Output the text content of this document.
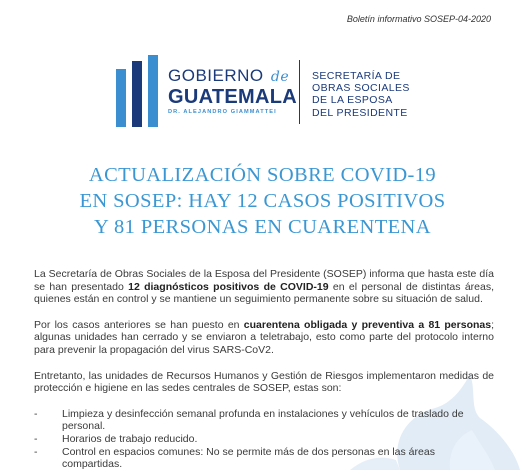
Boletín informativo SOSEP-04-2020
GOBIERNO de
GUATEMALA
DR. ALEJANDRO GIAMMATTEI
SECRETARÍA DE
OBRAS SOCIALES
DE LA ESPOSA
DEL PRESIDENTE
ACTUALIZACIÓN SOBRE COVID-19
EN SOSEP: HAY 12 CASOS POSITIVOS
Y 81 PERSONAS EN CUARENTENA

La Secretaría de Obras Sociales de la Esposa del Presidente (SOSEP) informa que hasta este día se han presentado 12 diagnósticos positivos de COVID-19 en el personal de distintas áreas, quienes están en control y se mantiene un seguimiento permanente sobre su situación de salud.

Por los casos anteriores se han puesto en cuarentena obligada y preventiva a 81 personas; algunas unidades han cerrado y se enviaron a teletrabajo, esto como parte del protocolo interno para prevenir la propagación del virus SARS-CoV2.

Entretanto, las unidades de Recursos Humanos y Gestión de Riesgos implementaron medidas de protección e higiene en las sedes centrales de SOSEP, estas son:

- Limpieza y desinfección semanal profunda en instalaciones y vehículos de traslado de personal.
- Horarios de trabajo reducido.
- Control en espacios comunes: No se permite más de dos personas en las áreas compartidas.
